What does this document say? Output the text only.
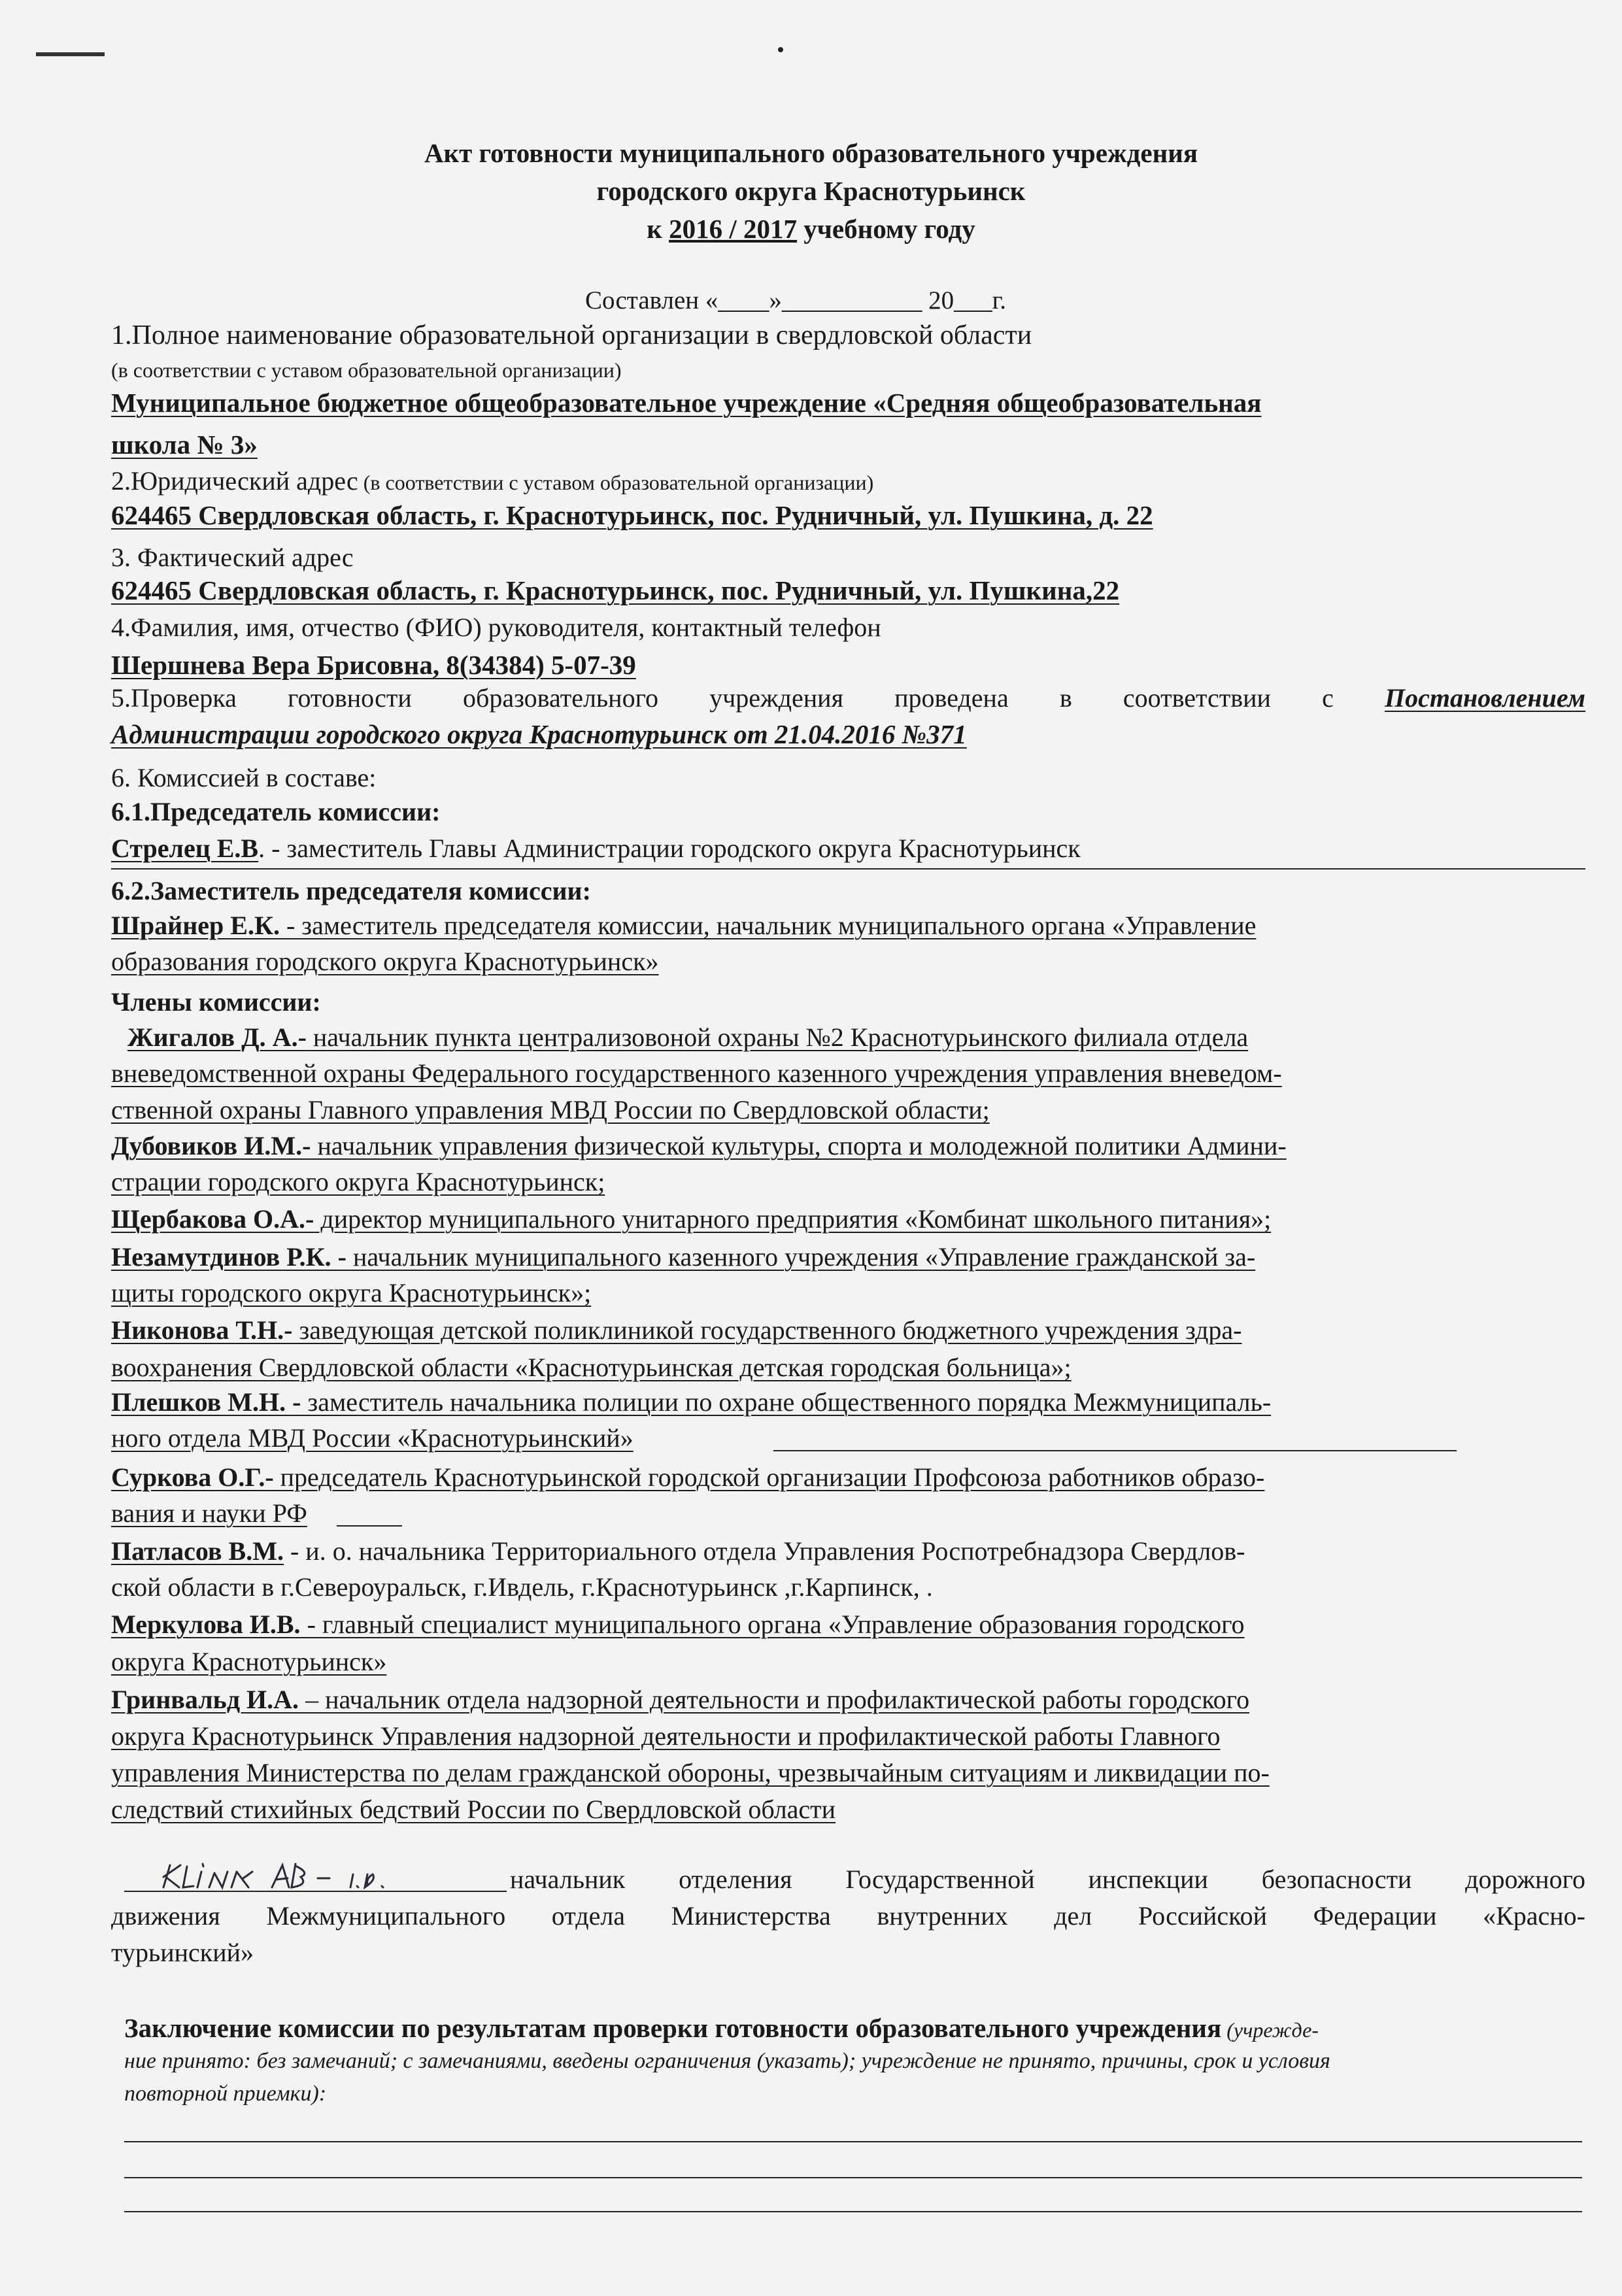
Акт готовности муниципального образовательного учреждения
городского округа Краснотурьинск
к 2016 / 2017 учебному году
Составлен «____»___________ 20___г.
1.Полное наименование образовательной организации в свердловской области
(в соответствии с уставом образовательной организации)
Муниципальное бюджетное общеобразовательное учреждение «Средняя общеобразовательная
школа № 3»
2.Юридический адрес (в соответствии с уставом образовательной организации)
624465 Свердловская область, г. Краснотурьинск, пос. Рудничный, ул. Пушкина, д. 22
3. Фактический адрес
624465 Свердловская область, г. Краснотурьинск, пос. Рудничный, ул. Пушкина,22
4.Фамилия, имя, отчество (ФИО) руководителя, контактный телефон
Шершнева Вера Брисовна, 8(34384) 5-07-39
5.Проверка готовности образовательного учреждения проведена в соответствии с Постановлением
Администрации городского округа Краснотурьинск от 21.04.2016 №371
6. Комиссией в составе:
6.1.Председатель комиссии:
Стрелец Е.В. - заместитель Главы Администрации городского округа Краснотурьинск
6.2.Заместитель председателя комиссии:
Шрайнер Е.К. - заместитель председателя комиссии, начальник муниципального органа «Управление
образования городского округа Краснотурьинск»
Члены комиссии:
Жигалов Д. А.- начальник пункта централизовоной охраны №2 Краснотурьинского филиала отдела
вневедомственной охраны Федерального государственного казенного учреждения управления вневедом-
ственной охраны Главного управления МВД России по Свердловской области;
Дубовиков И.М.- начальник управления физической культуры, спорта и молодежной политики Админи-
страции городского округа Краснотурьинск;
Щербакова О.А.- директор муниципального унитарного предприятия «Комбинат школьного питания»;
Незамутдинов Р.К. - начальник муниципального казенного учреждения «Управление гражданской за-
щиты городского округа Краснотурьинск»;
Никонова Т.Н.- заведующая детской поликлиникой государственного бюджетного учреждения здра-
воохранения Свердловской области «Краснотурьинская детская городская больница»;
Плешков М.Н. - заместитель начальника полиции по охране общественного порядка Межмуниципаль-
ного отдела МВД России «Краснотурьинский»
Суркова О.Г.- председатель Краснотурьинской городской организации Профсоюза работников образо-
вания и науки РФ
Патласов В.М. - и. о. начальника Территориального отдела Управления Роспотребнадзора Свердлов-
ской области в г.Североуральск, г.Ивдель, г.Краснотурьинск ,г.Карпинск, .
Меркулова И.В. - главный специалист муниципального органа «Управление образования городского
округа Краснотурьинск»
Гринвальд И.А. – начальник отдела надзорной деятельности и профилактической работы городского
округа Краснотурьинск Управления надзорной деятельности и профилактической работы Главного
управления Министерства по делам гражданской обороны, чрезвычайным ситуациям и ликвидации по-
следствий стихийных бедствий России по Свердловской области
начальник отделения Государственной инспекции безопасности дорожного
движения Межмуниципального отдела Министерства внутренних дел Российской Федерации «Красно-
турьинский»
Заключение комиссии по результатам проверки готовности образовательного учреждения (учрежде-
ние принято: без замечаний; с замечаниями, введены ограничения (указать); учреждение не принято, причины, срок и условия
повторной приемки):
